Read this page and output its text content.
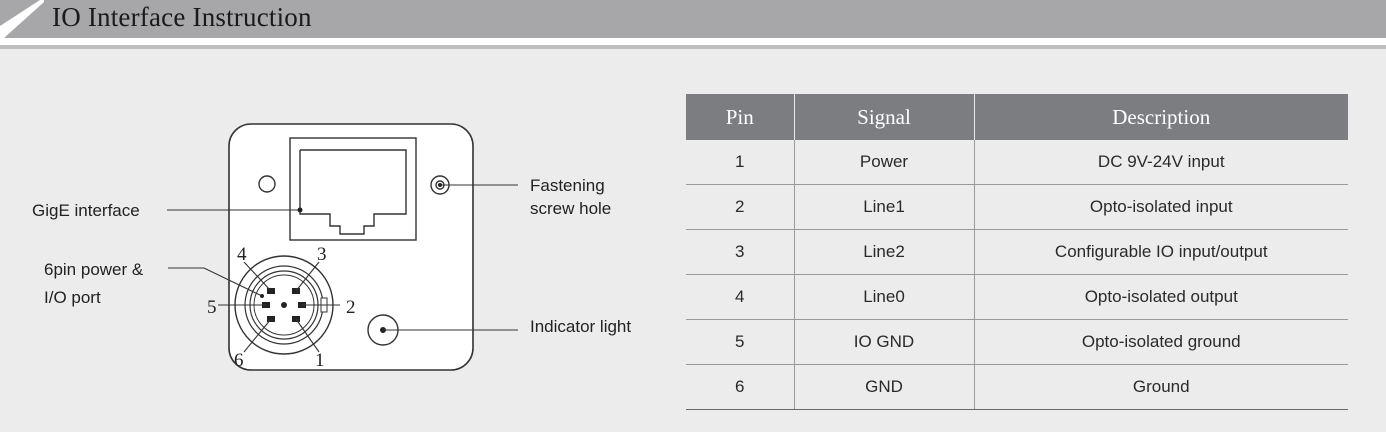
IO Interface Instruction
4	3
5	2
6	1
GigE interface
6pin power &
I/O port
Fastening
screw hole
Indicator light
Pin	Signal	Description
1	Power	DC 9V-24V input
2	Line1	Opto-isolated input
3	Line2	Configurable IO input/output
4	Line0	Opto-isolated output
5	IO GND	Opto-isolated ground
6	GND	Ground
